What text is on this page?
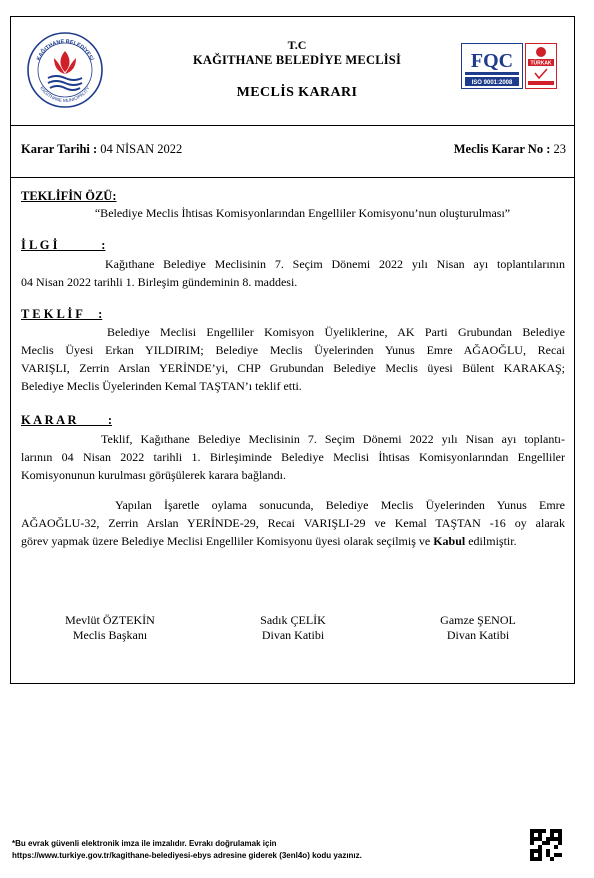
KAĞITHANE BELEDİYESİ
KAGITHANE MUNICIPALITY
T.C
KAĞITHANE BELEDİYE MECLİSİ
MECLİS KARARI
FQC
ISO 9001:2008
TÜRKAK
Karar Tarihi : 04 NİSAN 2022	Meclis Karar No : 23
TEKLİFİN ÖZÜ:
“Belediye Meclis İhtisas Komisyonlarından Engelliler Komisyonu’nun oluşturulması”
İ L G İ              :
Kağıthane Belediye Meclisinin 7. Seçim Dönemi 2022 yılı Nisan ayı toplantılarının
04 Nisan 2022 tarihli 1. Birleşim gündeminin 8. maddesi.
T E K L İ F     :
Belediye Meclisi Engelliler Komisyon Üyeliklerine, AK Parti Grubundan Belediye
Meclis Üyesi Erkan YILDIRIM; Belediye Meclis Üyelerinden Yunus Emre AĞAOĞLU, Recai
VARIŞLI, Zerrin Arslan YERİNDE’yi, CHP Grubundan Belediye Meclis üyesi Bülent KARAKAŞ;
Belediye Meclis Üyelerinden Kemal TAŞTAN’ı teklif etti.
K A R A R          :
Teklif, Kağıthane Belediye Meclisinin 7. Seçim Dönemi 2022 yılı Nisan ayı toplantı-
larının 04 Nisan 2022 tarihli 1. Birleşiminde Belediye Meclisi İhtisas Komisyonlarından Engelliler
Komisyonunun kurulması görüşülerek karara bağlandı.
Yapılan İşaretle oylama sonucunda, Belediye Meclis Üyelerinden Yunus Emre
AĞAOĞLU-32, Zerrin Arslan YERİNDE-29, Recai VARIŞLI-29 ve Kemal TAŞTAN -16 oy alarak
görev yapmak üzere Belediye Meclisi Engelliler Komisyonu üyesi olarak seçilmiş ve Kabul edilmiştir.
Mevlüt ÖZTEKİN
Meclis Başkanı
Sadık ÇELİK
Divan Katibi
Gamze ŞENOL
Divan Katibi
*Bu evrak güvenli elektronik imza ile imzalıdır. Evrakı doğrulamak için
https://www.turkiye.gov.tr/kagithane-belediyesi-ebys adresine giderek (3enl4o) kodu yazınız.
